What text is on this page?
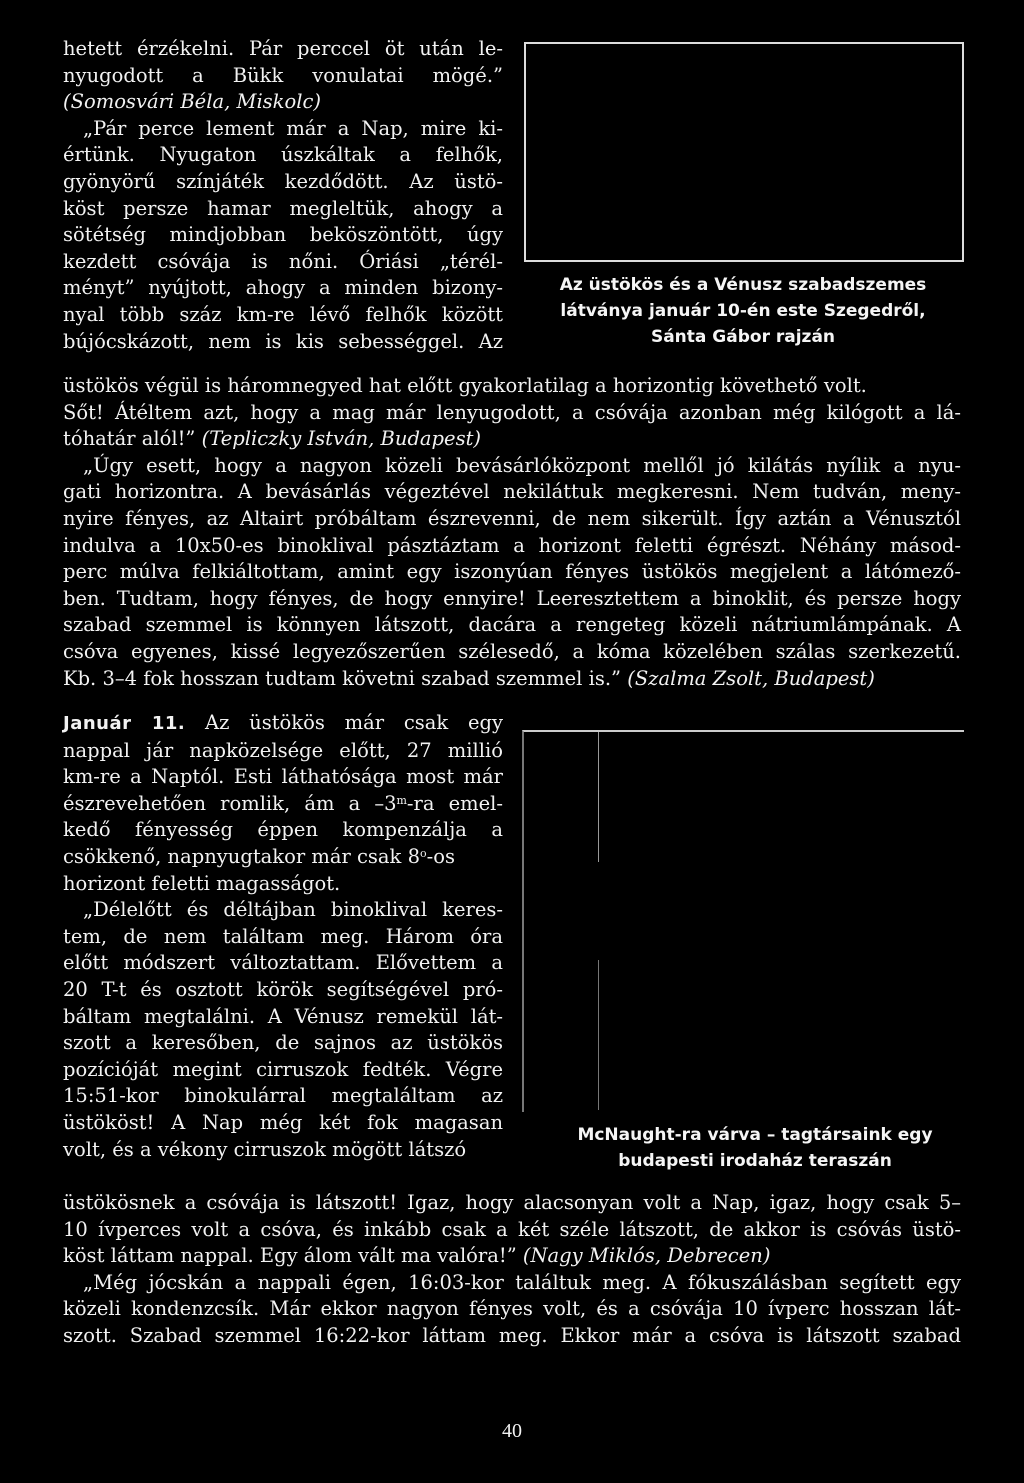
Az üstökös és a Vénusz szabadszemes
látványa január 10-én este Szegedről,
Sánta Gábor rajzán
McNaught-ra várva – tagtársaink egy
budapesti irodaház teraszán
hetett érzékelni. Pár perccel öt után le-
nyugodott a Bükk vonulatai mögé.”
(Somosvári Béla, Miskolc)
„Pár perce lement már a Nap, mire ki-
értünk. Nyugaton úszkáltak a felhők,
gyönyörű színjáték kezdődött. Az üstö-
köst persze hamar megleltük, ahogy a
sötétség mindjobban beköszöntött, úgy
kezdett csóvája is nőni. Óriási „térél-
ményt” nyújtott, ahogy a minden bizony-
nyal több száz km-re lévő felhők között
bújócskázott, nem is kis sebességgel. Az
üstökös végül is háromnegyed hat előtt gyakorlatilag a horizontig követhető volt.
Sőt! Átéltem azt, hogy a mag már lenyugodott, a csóvája azonban még kilógott a lá-
tóhatár alól!” (Tepliczky István, Budapest)
„Úgy esett, hogy a nagyon közeli bevásárlóközpont mellől jó kilátás nyílik a nyu-
gati horizontra. A bevásárlás végeztével nekiláttuk megkeresni. Nem tudván, meny-
nyire fényes, az Altairt próbáltam észrevenni, de nem sikerült. Így aztán a Vénusztól
indulva a 10x50-es binoklival pásztáztam a horizont feletti égrészt. Néhány másod-
perc múlva felkiáltottam, amint egy iszonyúan fényes üstökös megjelent a látómező-
ben. Tudtam, hogy fényes, de hogy ennyire! Leeresztettem a binoklit, és persze hogy
szabad szemmel is könnyen látszott, dacára a rengeteg közeli nátriumlámpának. A
csóva egyenes, kissé legyezőszerűen szélesedő, a kóma közelében szálas szerkezetű.
Kb. 3–4 fok hosszan tudtam követni szabad szemmel is.” (Szalma Zsolt, Budapest)
Január 11. Az üstökös már csak egy
nappal jár napközelsége előtt, 27 millió
km-re a Naptól. Esti láthatósága most már
észrevehetően romlik, ám a –3$^m$-ra emel-
kedő fényesség éppen kompenzálja a
csökkenő, napnyugtakor már csak 8$^o$-os
horizont feletti magasságot.
„Délelőtt és déltájban binoklival keres-
tem, de nem találtam meg. Három óra
előtt módszert változtattam. Elővettem a
20 T-t és osztott körök segítségével pró-
báltam megtalálni. A Vénusz remekül lát-
szott a keresőben, de sajnos az üstökös
pozícióját megint cirruszok fedték. Végre
15:51-kor binokulárral megtaláltam az
üstököst! A Nap még két fok magasan
volt, és a vékony cirruszok mögött látszó
üstökösnek a csóvája is látszott! Igaz, hogy alacsonyan volt a Nap, igaz, hogy csak 5–
10 ívperces volt a csóva, és inkább csak a két széle látszott, de akkor is csóvás üstö-
köst láttam nappal. Egy álom vált ma valóra!” (Nagy Miklós, Debrecen)
„Még jócskán a nappali égen, 16:03-kor találtuk meg. A fókuszálásban segített egy
közeli kondenzcsík. Már ekkor nagyon fényes volt, és a csóvája 10 ívperc hosszan lát-
szott. Szabad szemmel 16:22-kor láttam meg. Ekkor már a csóva is látszott szabad
40
